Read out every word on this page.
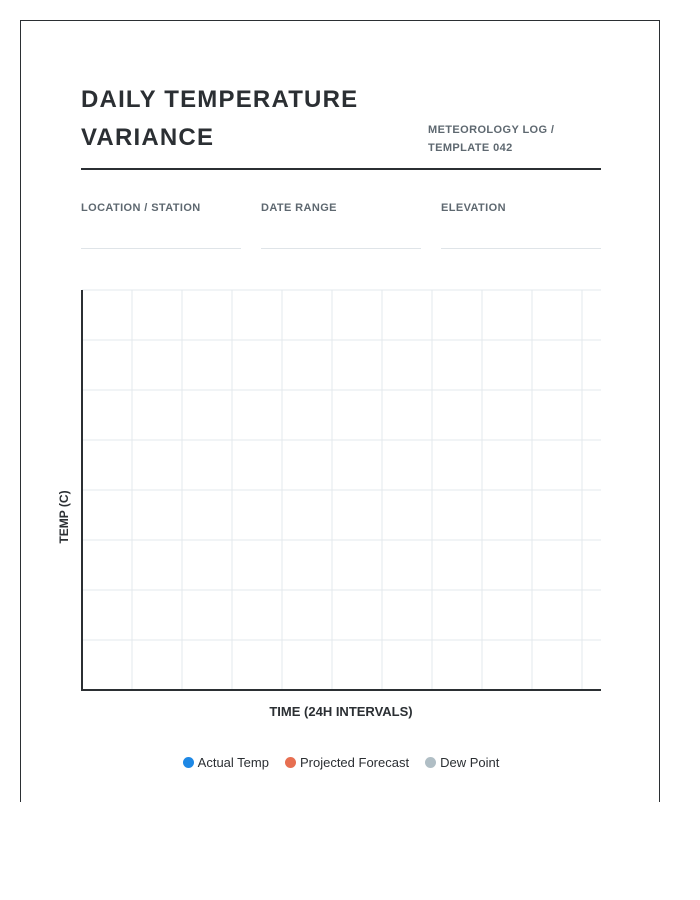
DAILY TEMPERATURE
VARIANCE	METEOROLOGY LOG /
TEMPLATE 042
LOCATION / STATION	DATE RANGE	ELEVATION
TEMP (C)
TIME (24H INTERVALS)
Actual Temp Projected Forecast Dew Point
